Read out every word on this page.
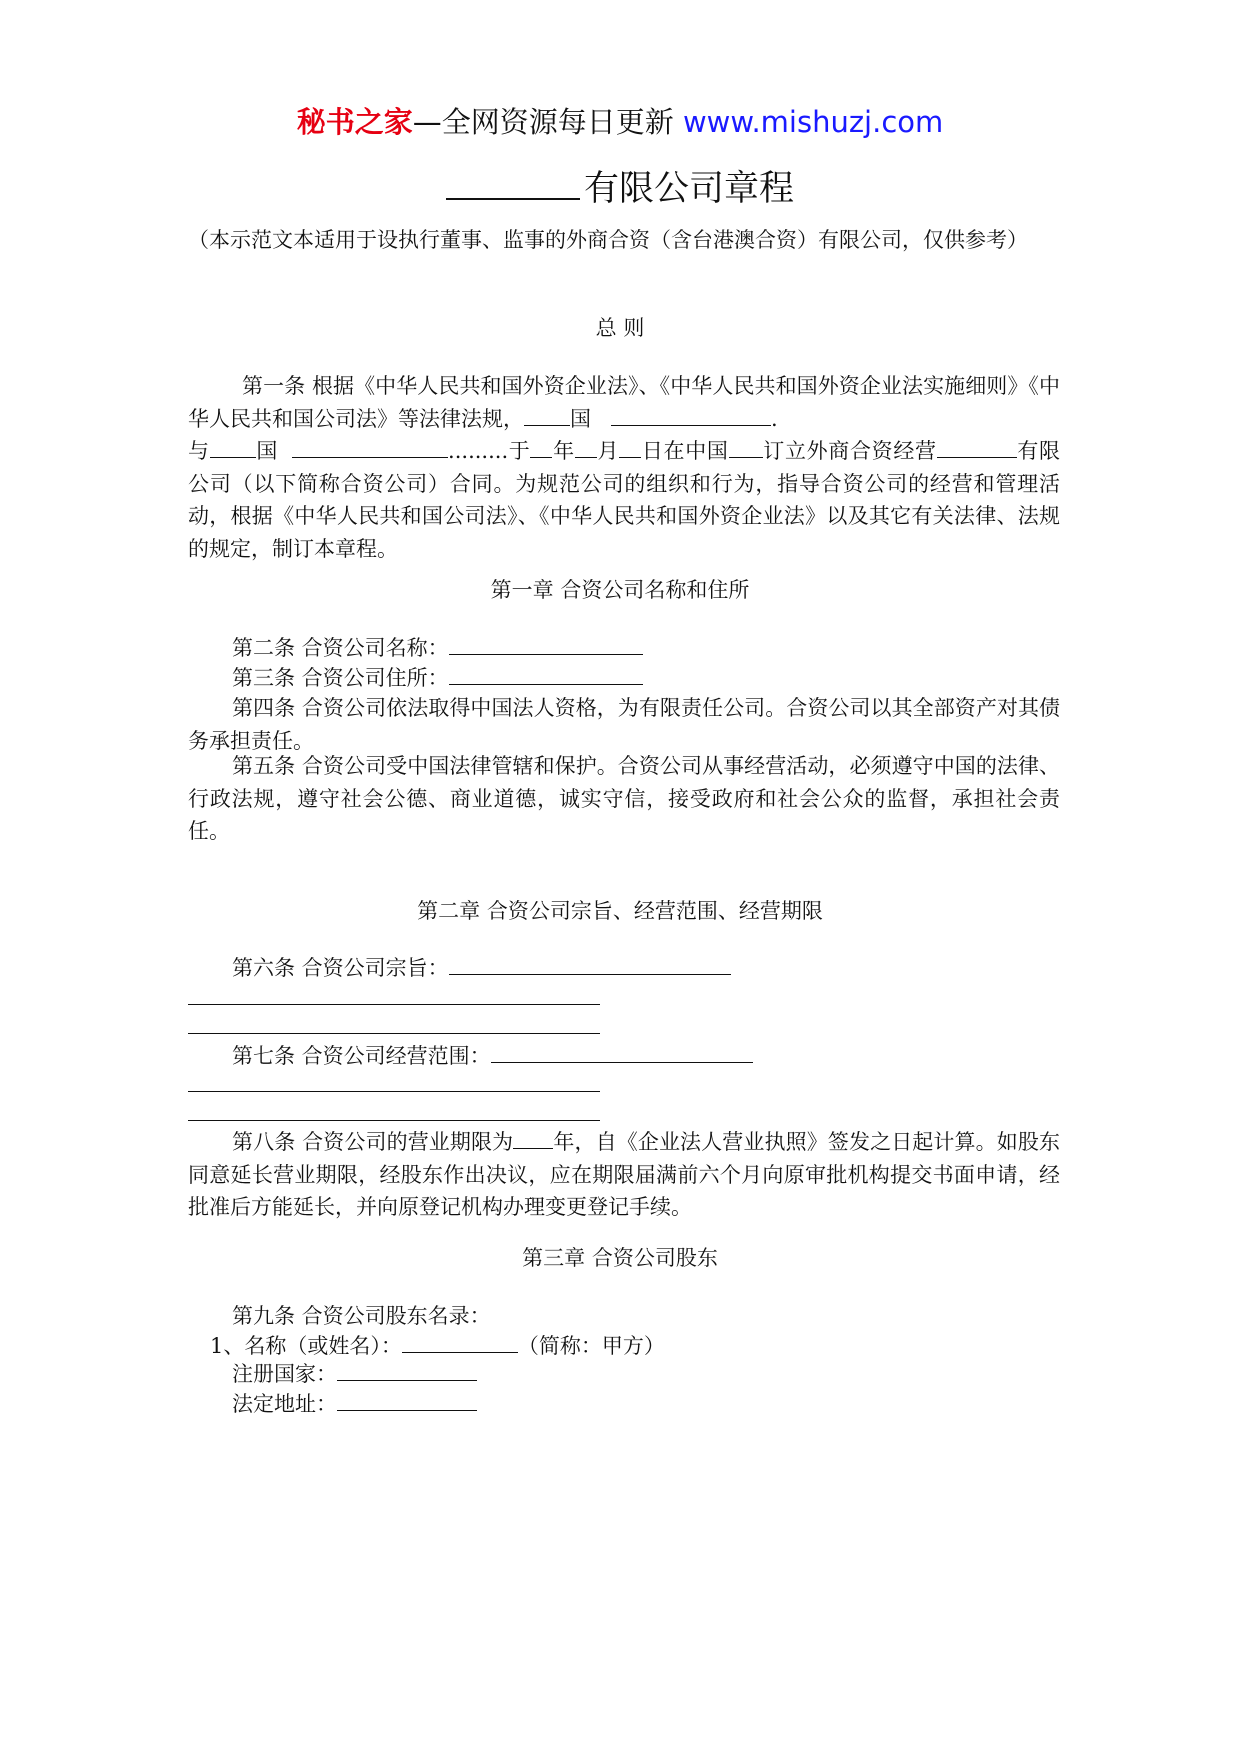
秘书之家—全网资源每日更新 www.mishuzj.com
有限公司章程
（本示范文本适用于设执行董事、监事的外商合资（含台港澳合资）有限公司，仅供参考）
总 则
第一条 根据《中华人民共和国外资企业法》、《中华人民共和国外资企业法实施细则》《中华人民共和国公司法》等法律法规， 国	.
与 国	.........于 年 月 日在中国 订立外商合资经营	有限公司（以下简称合资公司）合同。为规范公司的组织和行为，指导合资公司的经营和管理活动，根据《中华人民共和国公司法》、《中华人民共和国外资企业法》以及其它有关法律、法规的规定，制订本章程。
第一章 合资公司名称和住所
第二条 合资公司名称：
第三条 合资公司住所：
第四条 合资公司依法取得中国法人资格，为有限责任公司。合资公司以其全部资产对其债务承担责任。
第五条 合资公司受中国法律管辖和保护。合资公司从事经营活动，必须遵守中国的法律、行政法规，遵守社会公德、商业道德，诚实守信，接受政府和社会公众的监督，承担社会责任。
第二章 合资公司宗旨、经营范围、经营期限
第六条 合资公司宗旨：
第七条 合资公司经营范围：
第八条 合资公司的营业期限为 年，自《企业法人营业执照》签发之日起计算。如股东同意延长营业期限，经股东作出决议，应在期限届满前六个月向原审批机构提交书面申请，经批准后方能延长，并向原登记机构办理变更登记手续。
第三章 合资公司股东
第九条 合资公司股东名录：
1、名称（或姓名）：	（简称：甲方）
注册国家：
法定地址：
